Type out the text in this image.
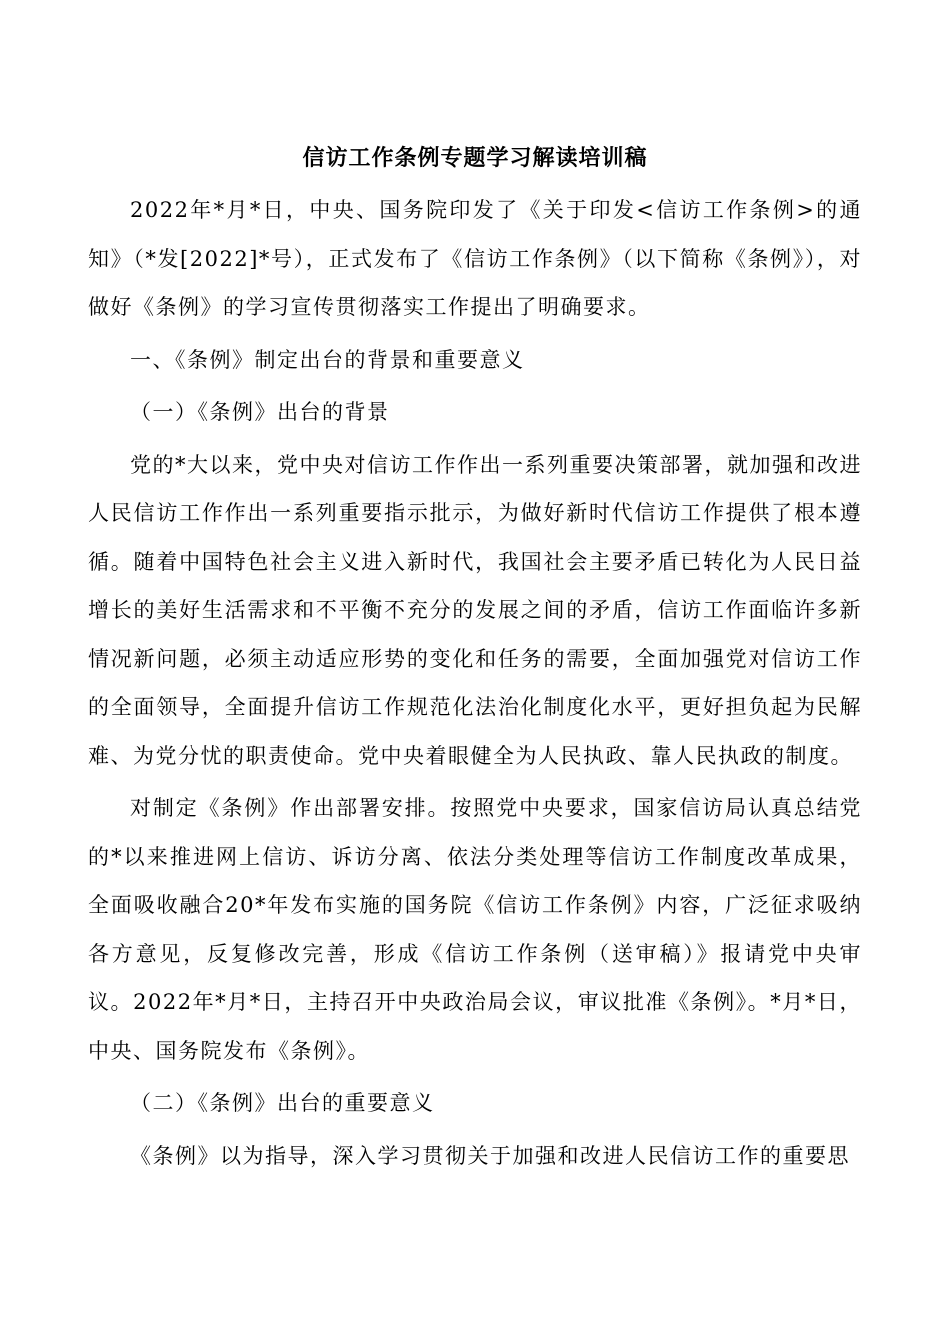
信访工作条例专题学习解读培训稿

2022年*月*日，中央、国务院印发了《关于印发<信访工作条例>的通知》（*发[2022]*号），正式发布了《信访工作条例》（以下简称《条例》），对做好《条例》的学习宣传贯彻落实工作提出了明确要求。

一、《条例》制定出台的背景和重要意义

（一）《条例》出台的背景

党的*大以来，党中央对信访工作作出一系列重要决策部署，就加强和改进人民信访工作作出一系列重要指示批示，为做好新时代信访工作提供了根本遵循。随着中国特色社会主义进入新时代，我国社会主要矛盾已转化为人民日益增长的美好生活需求和不平衡不充分的发展之间的矛盾，信访工作面临许多新情况新问题，必须主动适应形势的变化和任务的需要，全面加强党对信访工作的全面领导，全面提升信访工作规范化法治化制度化水平，更好担负起为民解难、为党分忧的职责使命。党中央着眼健全为人民执政、靠人民执政的制度。

对制定《条例》作出部署安排。按照党中央要求，国家信访局认真总结党的*以来推进网上信访、诉访分离、依法分类处理等信访工作制度改革成果，全面吸收融合20*年发布实施的国务院《信访工作条例》内容，广泛征求吸纳各方意见，反复修改完善，形成《信访工作条例（送审稿）》报请党中央审议。2022年*月*日，主持召开中央政治局会议，审议批准《条例》。*月*日，中央、国务院发布《条例》。

（二）《条例》出台的重要意义

《条例》以为指导，深入学习贯彻关于加强和改进人民信访工作的重要思
